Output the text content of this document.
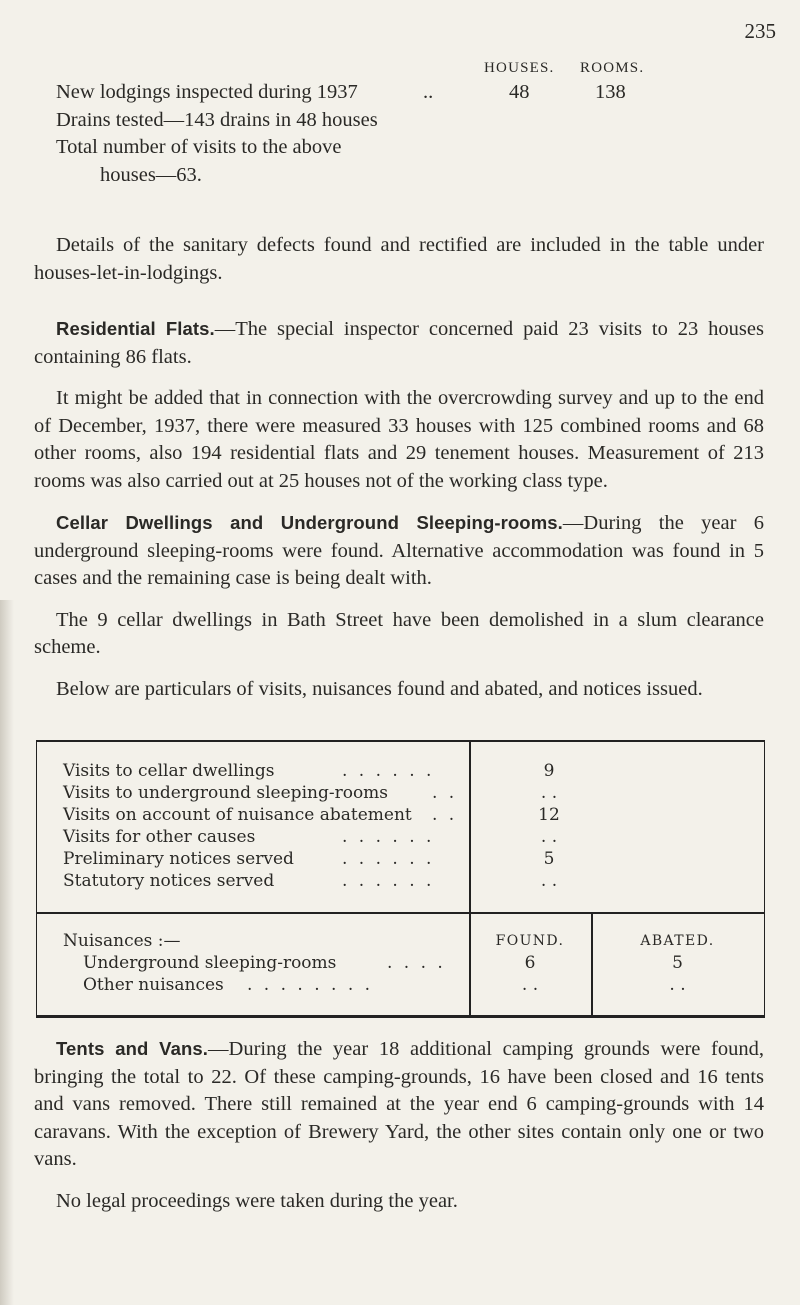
235
HOUSES. ROOMS.
New lodgings inspected during 1937	..	48	138
Drains tested—143 drains in 48 houses
Total number of visits to the above
houses—63.

Details of the sanitary defects found and rectified are included in the table under houses-let-in-lodgings.

Residential Flats.—The special inspector concerned paid 23 visits to 23 houses containing 86 flats.

It might be added that in connection with the overcrowding survey and up to the end of December, 1937, there were measured 33 houses with 125 combined rooms and 68 other rooms, also 194 residential flats and 29 tenement houses. Measurement of 213 rooms was also carried out at 25 houses not of the working class type.

Cellar Dwellings and Underground Sleeping-rooms.—During the year 6 underground sleeping-rooms were found. Alternative accommodation was found in 5 cases and the remaining case is being dealt with.

The 9 cellar dwellings in Bath Street have been demolished in a slum clearance scheme.

Below are particulars of visits, nuisances found and abated, and notices issued.

Visits to cellar dwellings	. . . . . .	9
Visits to underground sleeping-rooms	. .	. .
Visits on account of nuisance abatement . .	12
Visits for other causes	. . . . . .	. .
Preliminary notices served	. . . . . .	5
Statutory notices served	. . . . . .	. .
Nuisances :—	FOUND.	ABATED.
Underground sleeping-rooms	. . . .	6	5
Other nuisances . . . . . . . .	. .	. .

Tents and Vans.—During the year 18 additional camping grounds were found, bringing the total to 22. Of these camping-grounds, 16 have been closed and 16 tents and vans removed. There still remained at the year end 6 camping-grounds with 14 caravans. With the exception of Brewery Yard, the other sites contain only one or two vans.

No legal proceedings were taken during the year.
